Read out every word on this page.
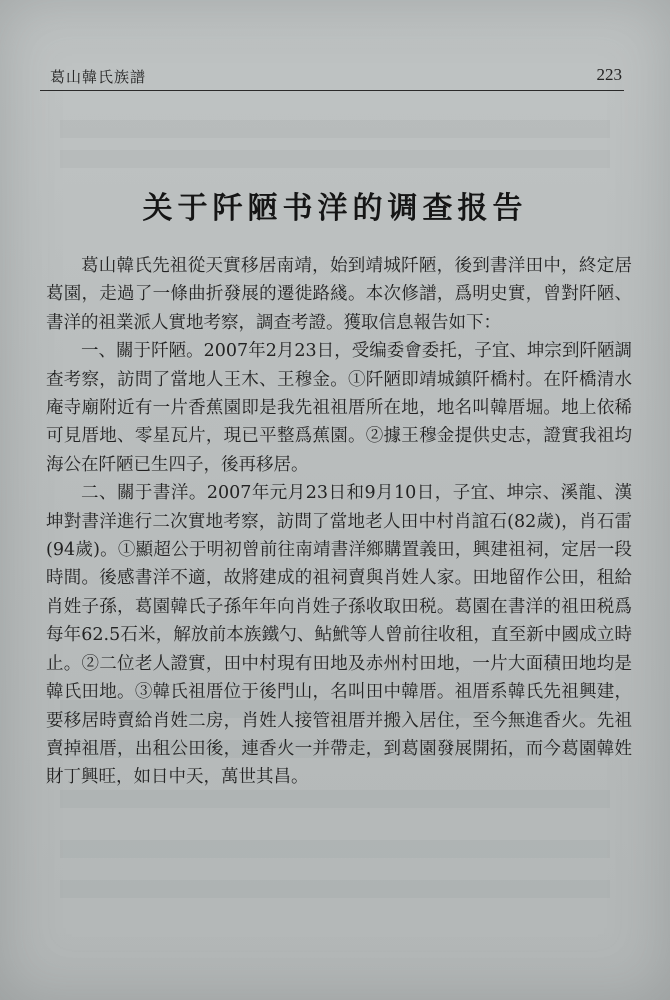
葛山韓氏族譜	223
关于阡陋书洋的调查报告

葛山韓氏先祖從天實移居南靖，始到靖城阡陋，後到書洋田中，終定居葛園，走過了一條曲折發展的遷徙路綫。本次修譜，爲明史實，曾對阡陋、書洋的祖業派人實地考察，調查考證。獲取信息報告如下：

一、關于阡陋。2007年2月23日，受编委會委托，子宜、坤宗到阡陋調查考察，訪問了當地人王木、王穆金。①阡陋即靖城鎮阡橋村。在阡橋清水庵寺廟附近有一片香蕉園即是我先祖祖厝所在地，地名叫韓厝堀。地上依稀可見厝地、零星瓦片，現已平整爲蕉園。②據王穆金提供史志，證實我祖均海公在阡陋已生四子，後再移居。

二、關于書洋。2007年元月23日和9月10日，子宜、坤宗、溪龍、漢坤對書洋進行二次實地考察，訪問了當地老人田中村肖誼石(82歲)，肖石雷(94歲)。①顯超公于明初曾前往南靖書洋鄉購置義田，興建祖祠，定居一段時間。後感書洋不適，故將建成的祖祠賣與肖姓人家。田地留作公田，租給肖姓子孫，葛園韓氏子孫年年向肖姓子孫收取田税。葛園在書洋的祖田税爲每年62.5石米，解放前本族鐵勺、鲇鮘等人曾前往收租，直至新中國成立時止。②二位老人證實，田中村現有田地及赤州村田地，一片大面積田地均是韓氏田地。③韓氏祖厝位于後門山，名叫田中韓厝。祖厝系韓氏先祖興建，要移居時賣給肖姓二房，肖姓人接管祖厝并搬入居住，至今無進香火。先祖賣掉祖厝，出租公田後，連香火一并帶走，到葛園發展開拓，而今葛園韓姓財丁興旺，如日中天，萬世其昌。
